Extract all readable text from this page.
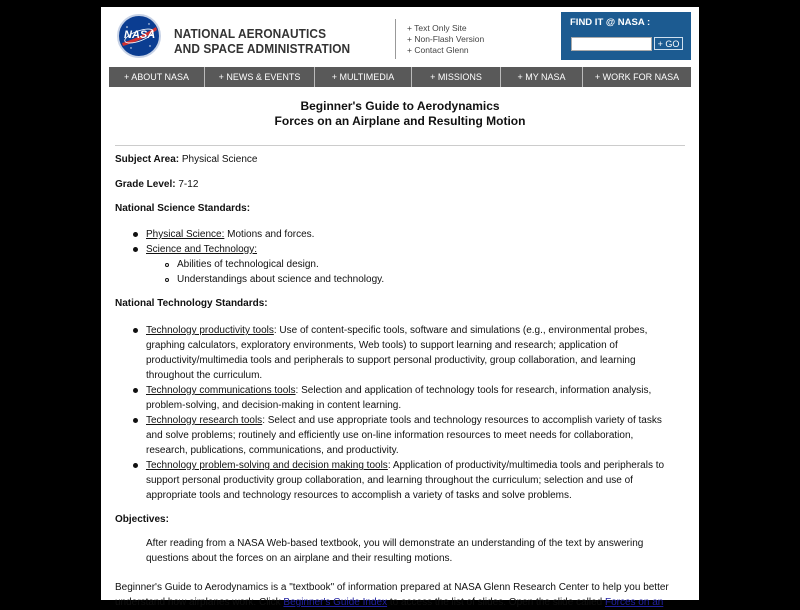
NASA NATIONAL AERONAUTICS
AND SPACE ADMINISTRATION
+ Text Only Site
+ Non-Flash Version
+ Contact Glenn
FIND IT @ NASA :
+ GO
+ ABOUT NASA	+ NEWS & EVENTS	+ MULTIMEDIA	+ MISSIONS	+ MY NASA	+ WORK FOR NASA
Beginner's Guide to Aerodynamics
Forces on an Airplane and Resulting Motion
Subject Area: Physical Science
Grade Level: 7-12
National Science Standards:
Physical Science: Motions and forces.
Science and Technology:
Abilities of technological design.
Understandings about science and technology.
National Technology Standards:
Technology productivity tools: Use of content-specific tools, software and simulations (e.g., environmental probes,
graphing calculators, exploratory environments, Web tools) to support learning and research; application of
productivity/multimedia tools and peripherals to support personal productivity, group collaboration, and learning
throughout the curriculum.
Technology communications tools: Selection and application of technology tools for research, information analysis,
problem-solving, and decision-making in content learning.
Technology research tools: Select and use appropriate tools and technology resources to accomplish variety of tasks
and solve problems; routinely and efficiently use on-line information resources to meet needs for collaboration,
research, publications, communications, and productivity.
Technology problem-solving and decision making tools: Application of productivity/multimedia tools and peripherals to
support personal productivity group collaboration, and learning throughout the curriculum; selection and use of
appropriate tools and technology resources to accomplish a variety of tasks and solve problems.
Objectives:
After reading from a NASA Web-based textbook, you will demonstrate an understanding of the text by answering
questions about the forces on an airplane and their resulting motions.
Beginner's Guide to Aerodynamics is a "textbook" of information prepared at NASA Glenn Research Center to help you better
understand how airplanes work. Click Beginner's Guide Index to access the list of slides. Open the slide called Forces on an
